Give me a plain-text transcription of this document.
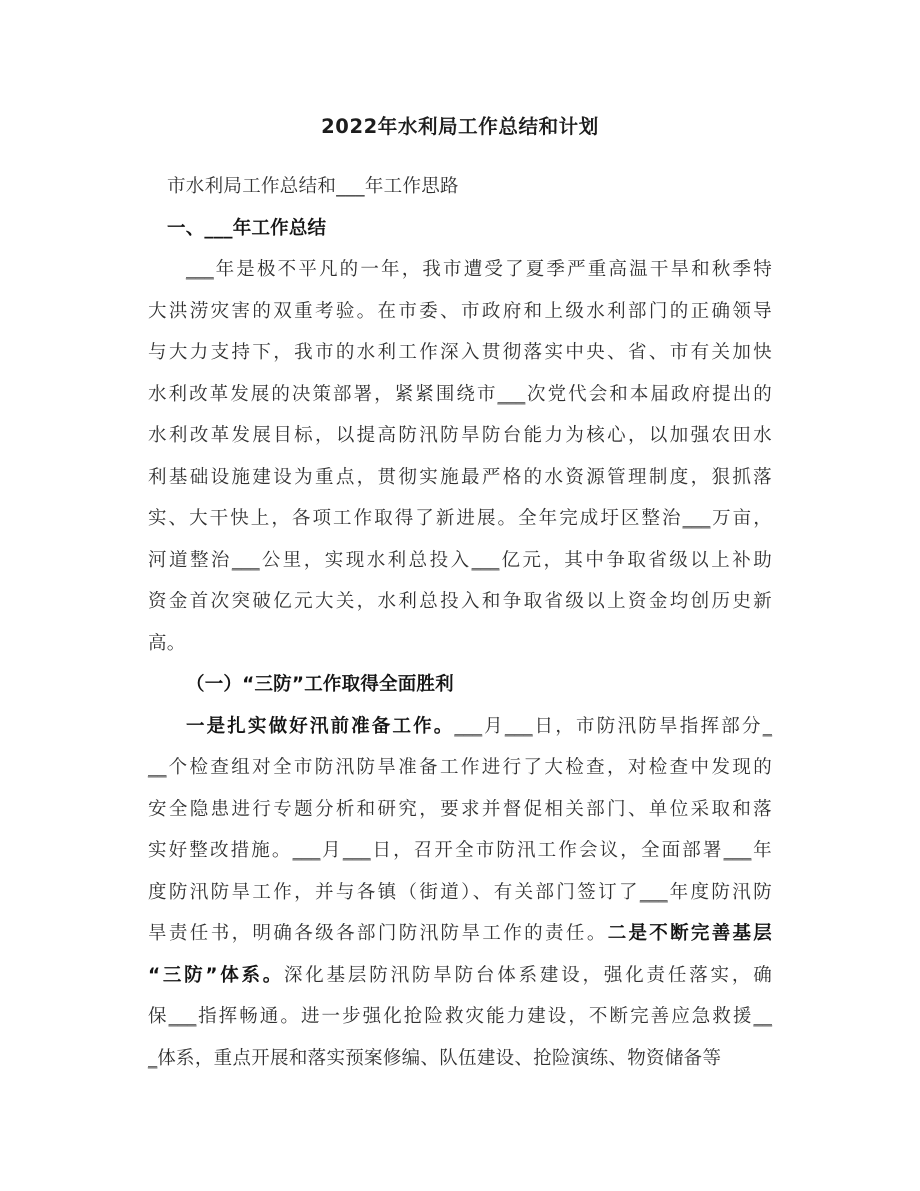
2022年水利局工作总结和计划
市水利局工作总结和___年工作思路
一、___年工作总结
___年是极不平凡的一年，我市遭受了夏季严重高温干旱和秋季特
大洪涝灾害的双重考验。在市委、市政府和上级水利部门的正确领导
与大力支持下，我市的水利工作深入贯彻落实中央、省、市有关加快
水利改革发展的决策部署，紧紧围绕市___次党代会和本届政府提出的
水利改革发展目标，以提高防汛防旱防台能力为核心，以加强农田水
利基础设施建设为重点，贯彻实施最严格的水资源管理制度，狠抓落
实、大干快上，各项工作取得了新进展。全年完成圩区整治___万亩，
河道整治___公里，实现水利总投入___亿元，其中争取省级以上补助
资金首次突破亿元大关，水利总投入和争取省级以上资金均创历史新
高。
（一）“三防”工作取得全面胜利
一是扎实做好汛前准备工作。___月___日，市防汛防旱指挥部分_
__个检查组对全市防汛防旱准备工作进行了大检查，对检查中发现的
安全隐患进行专题分析和研究，要求并督促相关部门、单位采取和落
实好整改措施。___月___日，召开全市防汛工作会议，全面部署___年
度防汛防旱工作，并与各镇（街道）、有关部门签订了___年度防汛防
旱责任书，明确各级各部门防汛防旱工作的责任。二是不断完善基层
“三防”体系。深化基层防汛防旱防台体系建设，强化责任落实，确
保___指挥畅通。进一步强化抢险救灾能力建设，不断完善应急救援__
_体系，重点开展和落实预案修编、队伍建设、抢险演练、物资储备等
